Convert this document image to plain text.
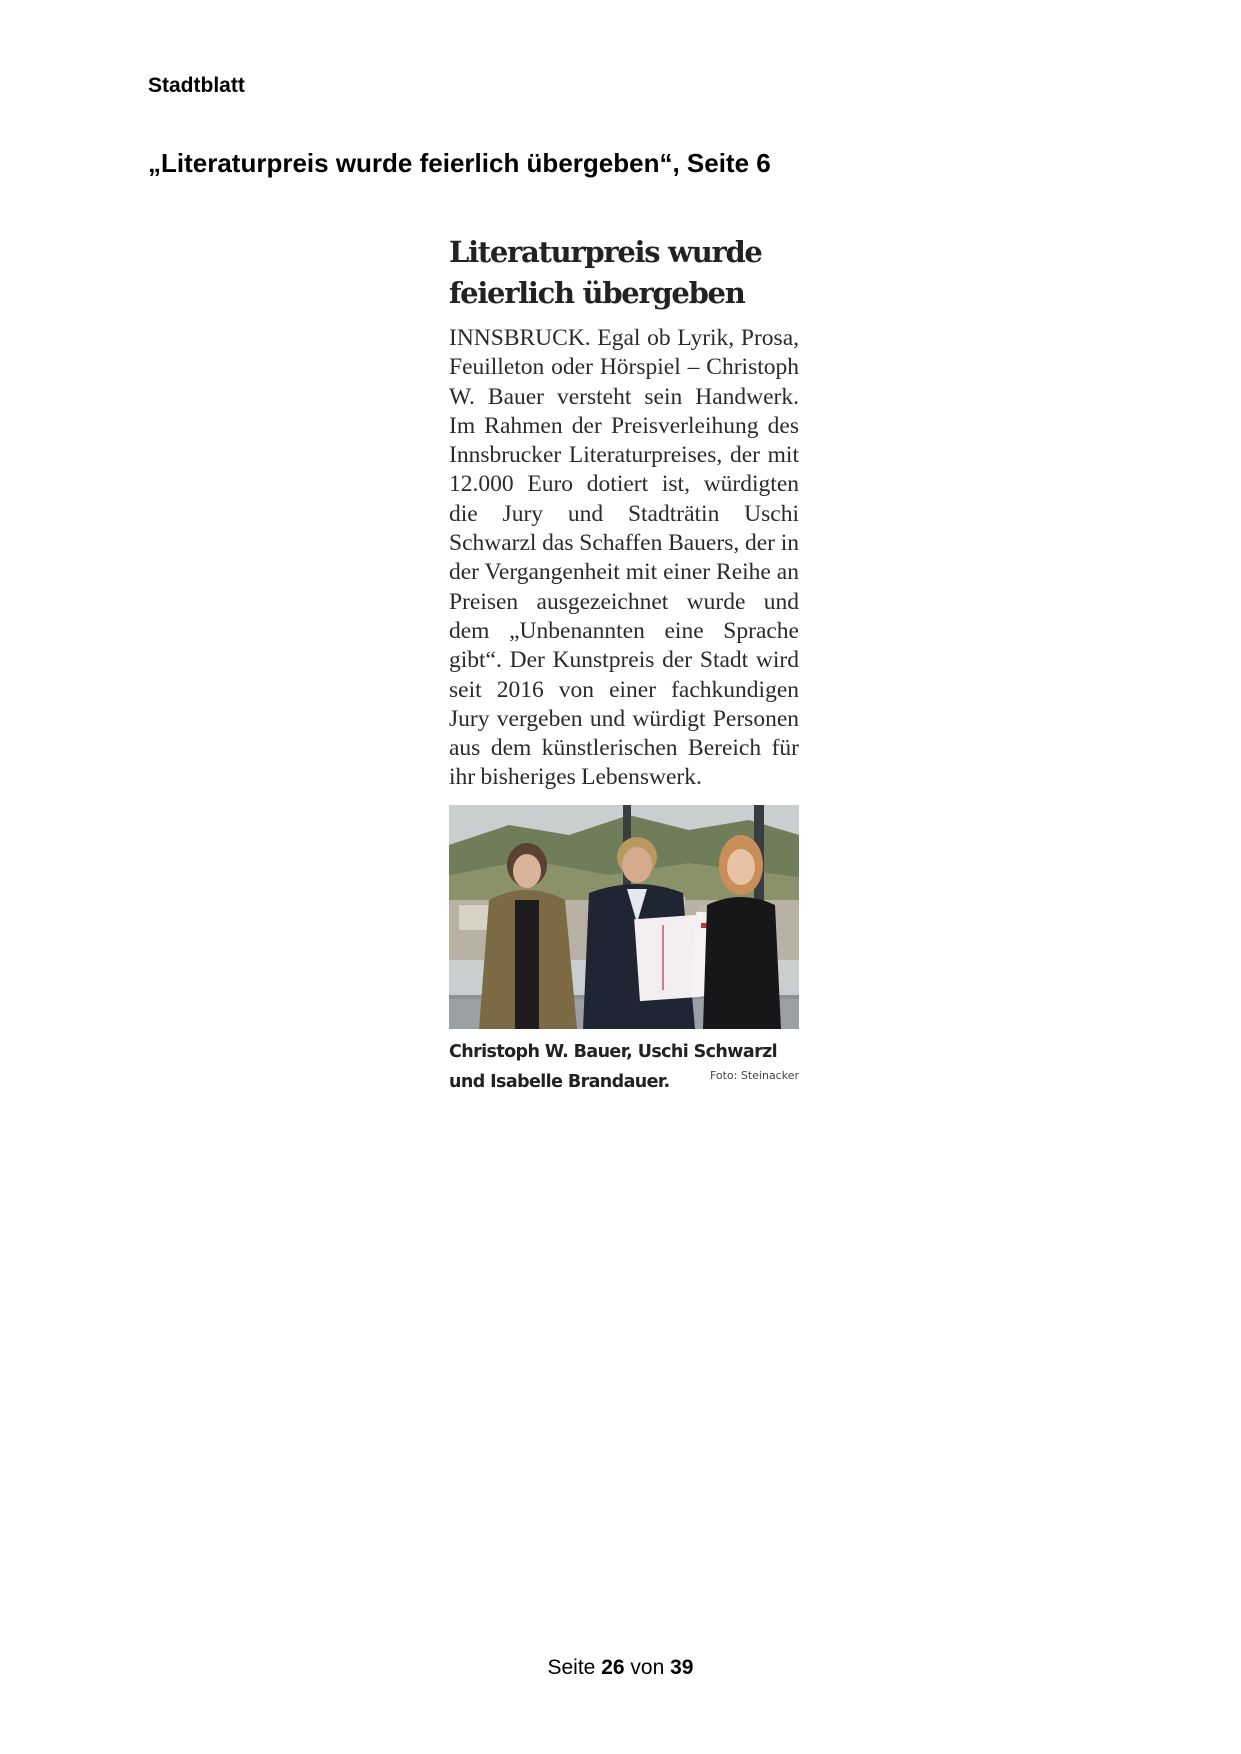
Stadtblatt
„Literaturpreis wurde feierlich übergeben“, Seite 6
Literaturpreis wurde feierlich übergeben
INNSBRUCK. Egal ob Lyrik, Prosa, Feuilleton oder Hörspiel – Christoph W. Bauer versteht sein Handwerk. Im Rahmen der Preisverleihung des Innsbrucker Literaturpreises, der mit 12.000 Euro dotiert ist, würdigten die Jury und Stadträtin Uschi Schwarzl das Schaffen Bauers, der in der Vergangenheit mit einer Reihe an Preisen ausgezeichnet wurde und dem „Unbenannten eine Sprache gibt“. Der Kunstpreis der Stadt wird seit 2016 von einer fachkundigen Jury vergeben und würdigt Personen aus dem künstlerischen Bereich für ihr bisheriges Lebenswerk.
Christoph W. Bauer, Uschi Schwarzl und Isabelle Brandauer.	Foto: Steinacker
Seite 26 von 39
